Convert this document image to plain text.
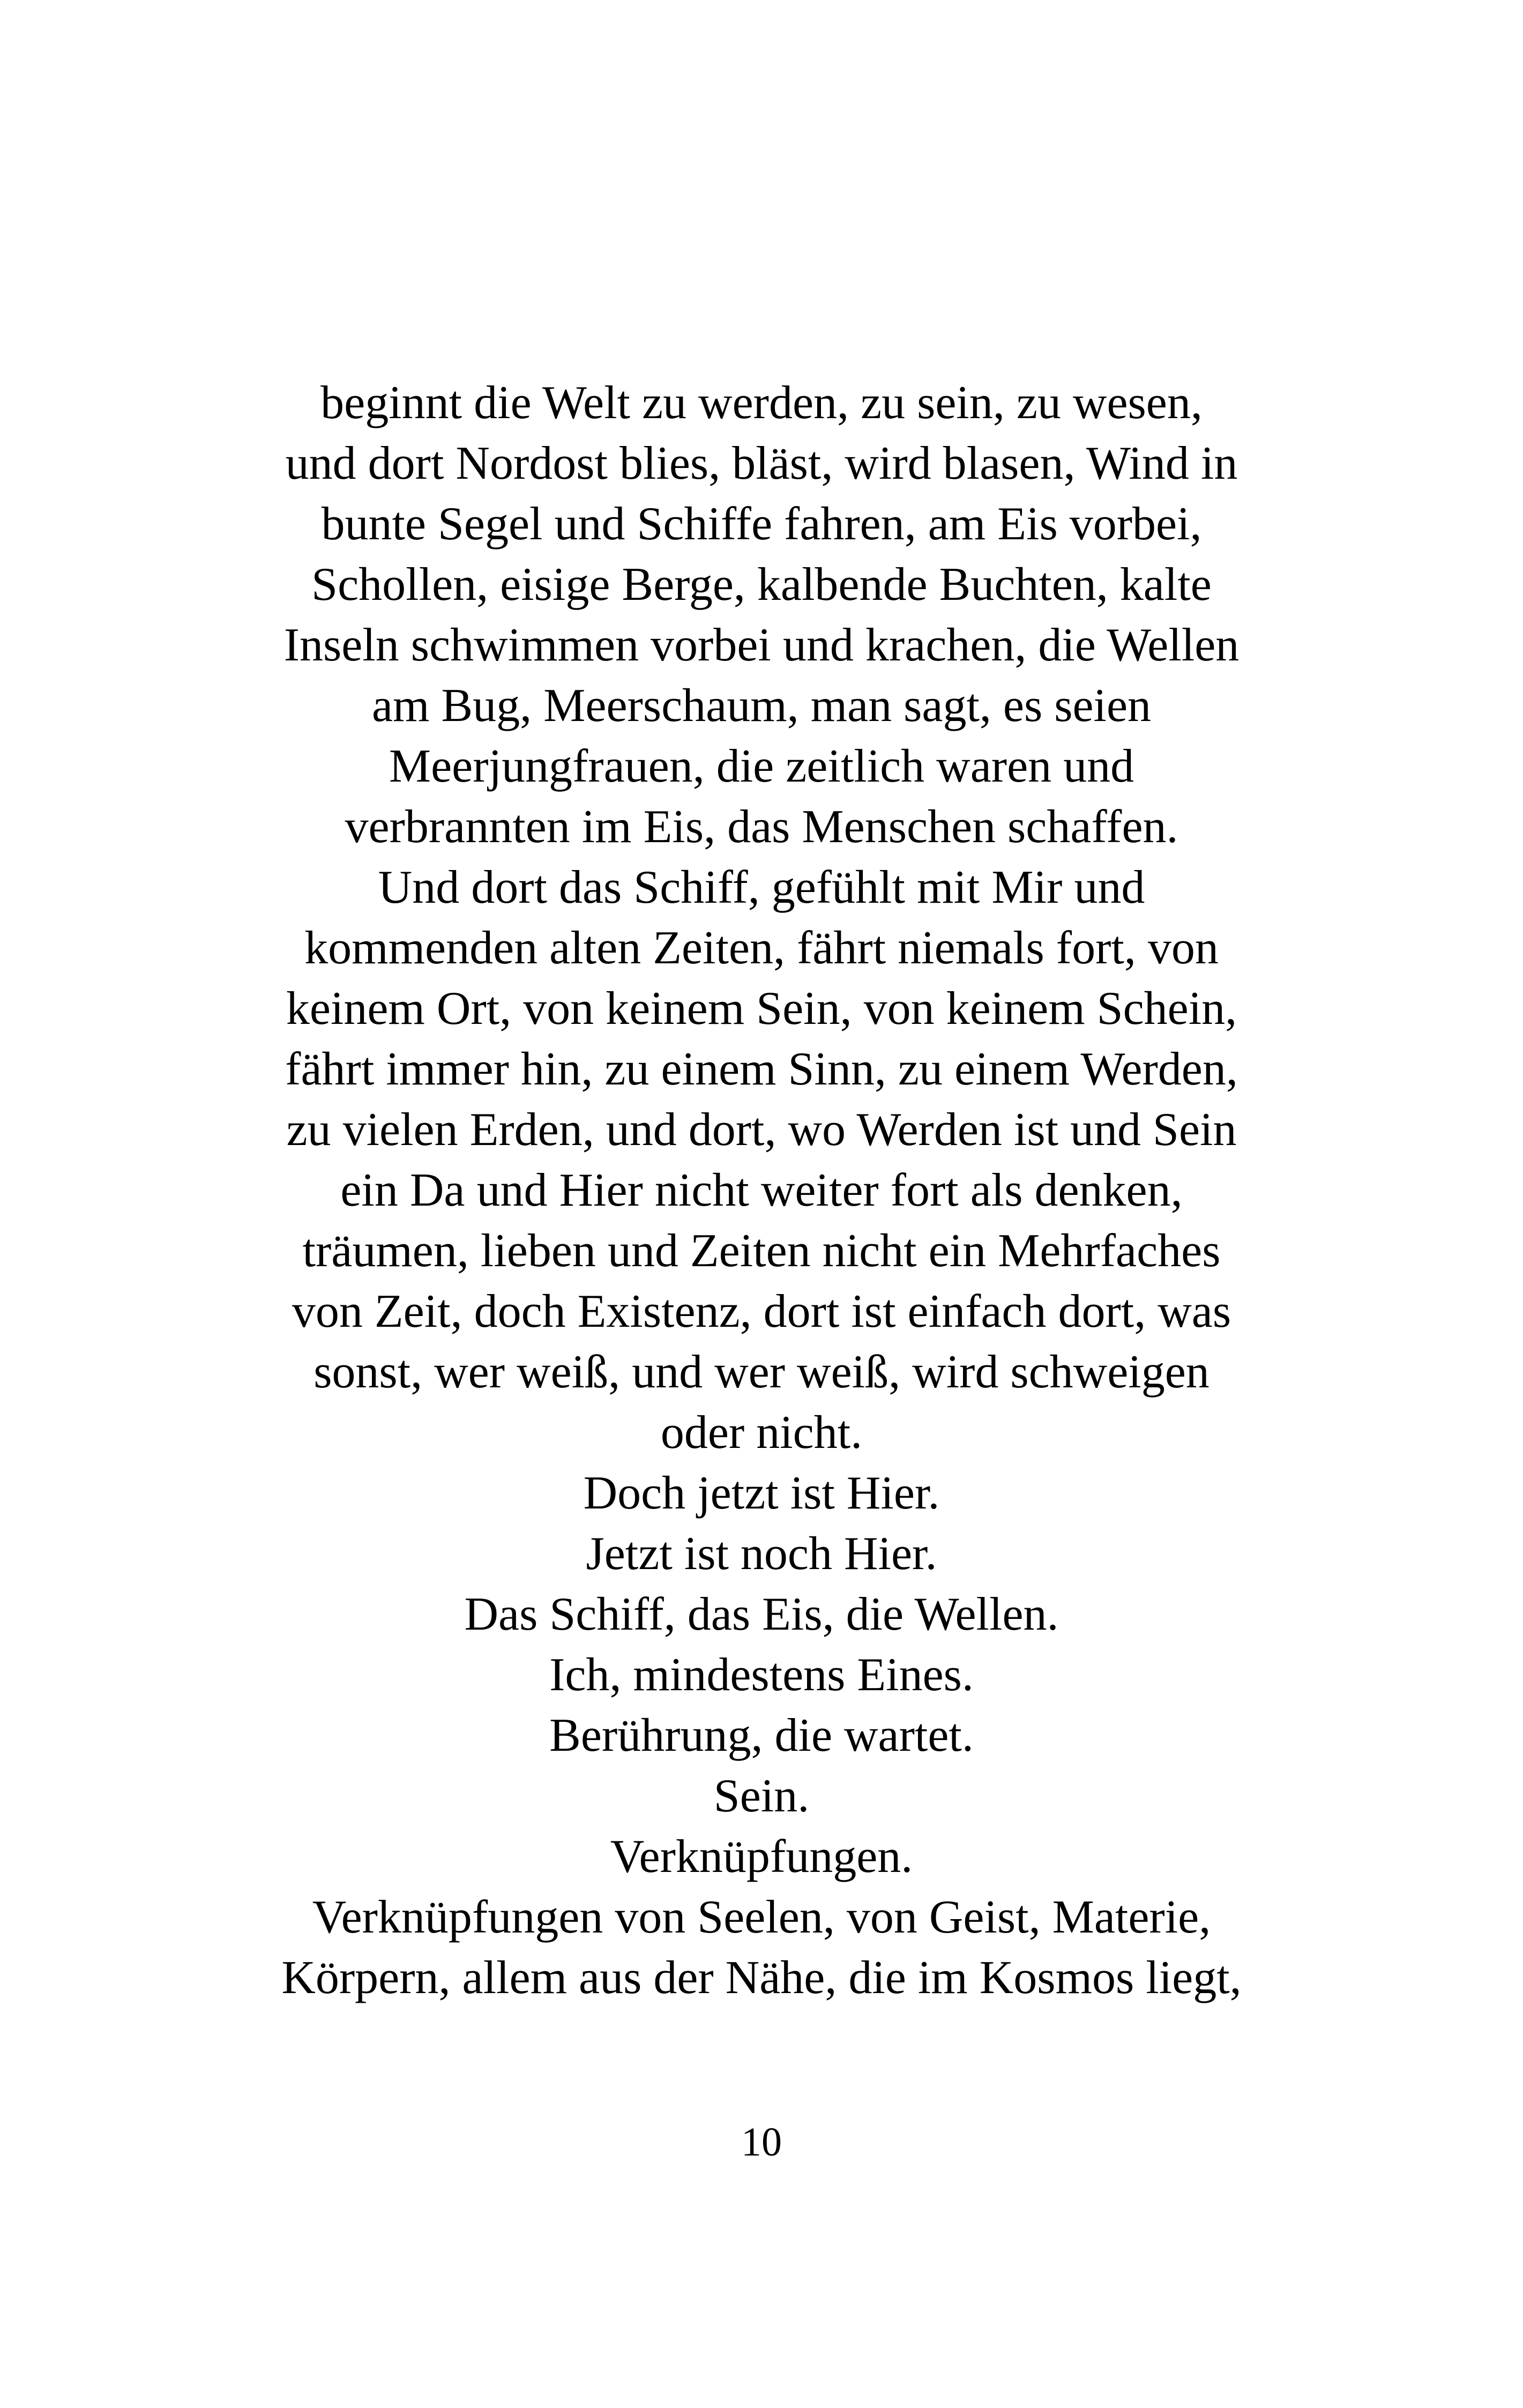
beginnt die Welt zu werden, zu sein, zu wesen,
und dort Nordost blies, bläst, wird blasen, Wind in
bunte Segel und Schiffe fahren, am Eis vorbei,
Schollen, eisige Berge, kalbende Buchten, kalte
Inseln schwimmen vorbei und krachen, die Wellen
am Bug, Meerschaum, man sagt, es seien
Meerjungfrauen, die zeitlich waren und
verbrannten im Eis, das Menschen schaffen.
Und dort das Schiff, gefühlt mit Mir und
kommenden alten Zeiten, fährt niemals fort, von
keinem Ort, von keinem Sein, von keinem Schein,
fährt immer hin, zu einem Sinn, zu einem Werden,
zu vielen Erden, und dort, wo Werden ist und Sein
ein Da und Hier nicht weiter fort als denken,
träumen, lieben und Zeiten nicht ein Mehrfaches
von Zeit, doch Existenz, dort ist einfach dort, was
sonst, wer weiß, und wer weiß, wird schweigen
oder nicht.
Doch jetzt ist Hier.
Jetzt ist noch Hier.
Das Schiff, das Eis, die Wellen.
Ich, mindestens Eines.
Berührung, die wartet.
Sein.
Verknüpfungen.
Verknüpfungen von Seelen, von Geist, Materie,
Körpern, allem aus der Nähe, die im Kosmos liegt,
10
